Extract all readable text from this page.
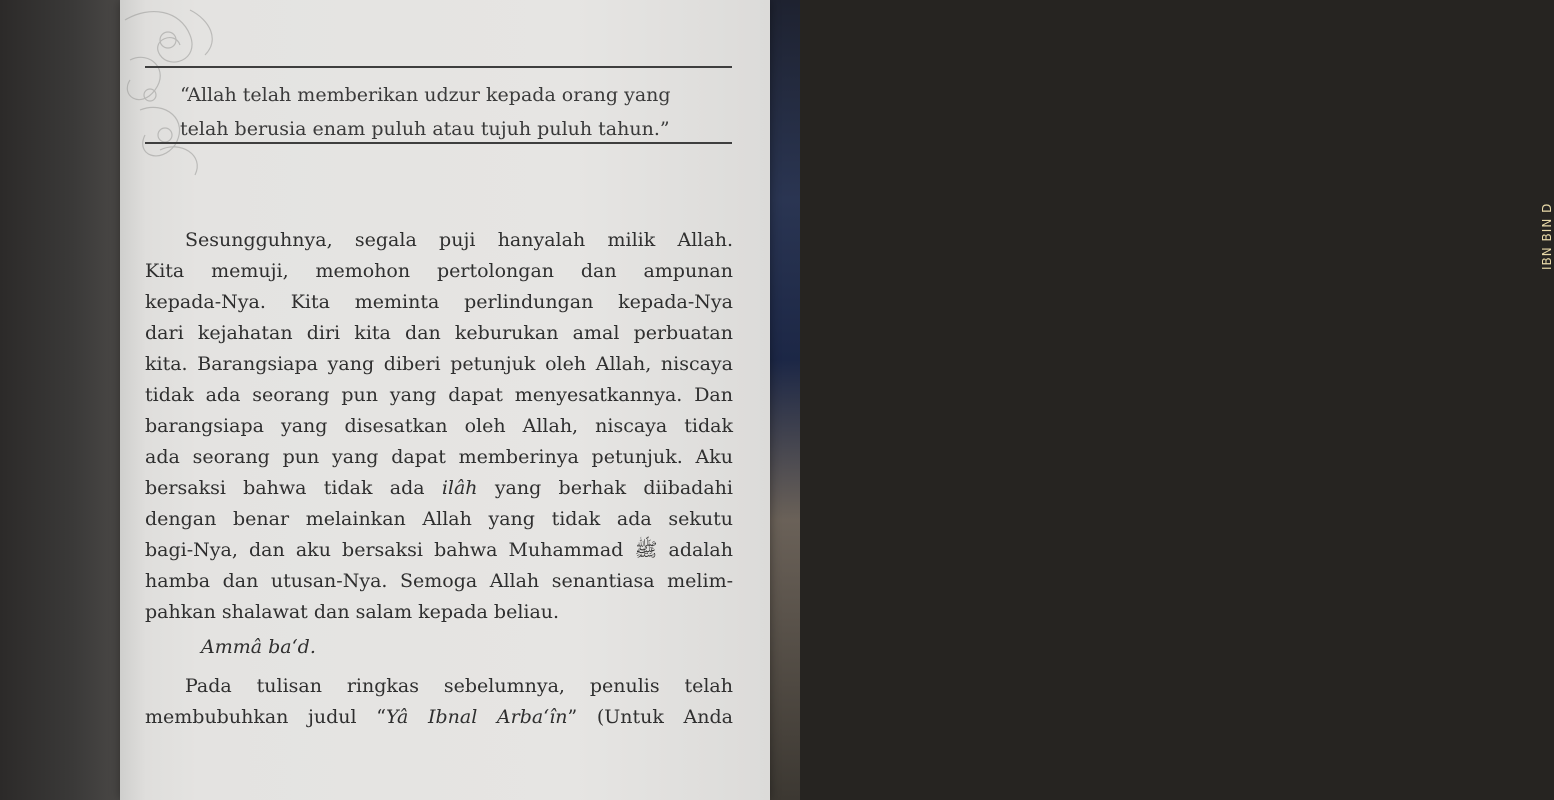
IBN BIN D
“Allah telah memberikan udzur kepada orang yang
telah berusia enam puluh atau tujuh puluh tahun.”
Sesungguhnya, segala puji hanyalah milik Allah.
Kita memuji, memohon pertolongan dan ampunan
kepada-Nya. Kita meminta perlindungan kepada-Nya
dari kejahatan diri kita dan keburukan amal perbuatan
kita. Barangsiapa yang diberi petunjuk oleh Allah, niscaya
tidak ada seorang pun yang dapat menyesatkannya. Dan
barangsiapa yang disesatkan oleh Allah, niscaya tidak
ada seorang pun yang dapat memberinya petunjuk. Aku
bersaksi bahwa tidak ada ilâh yang berhak diibadahi
dengan benar melainkan Allah yang tidak ada sekutu
bagi-Nya, dan aku bersaksi bahwa Muhammad ﷺ adalah
hamba dan utusan-Nya. Semoga Allah senantiasa melim-
pahkan shalawat dan salam kepada beliau.
Ammâ ba‘d.
Pada tulisan ringkas sebelumnya, penulis telah
membubuhkan judul “Yâ Ibnal Arba‘în” (Untuk Anda
